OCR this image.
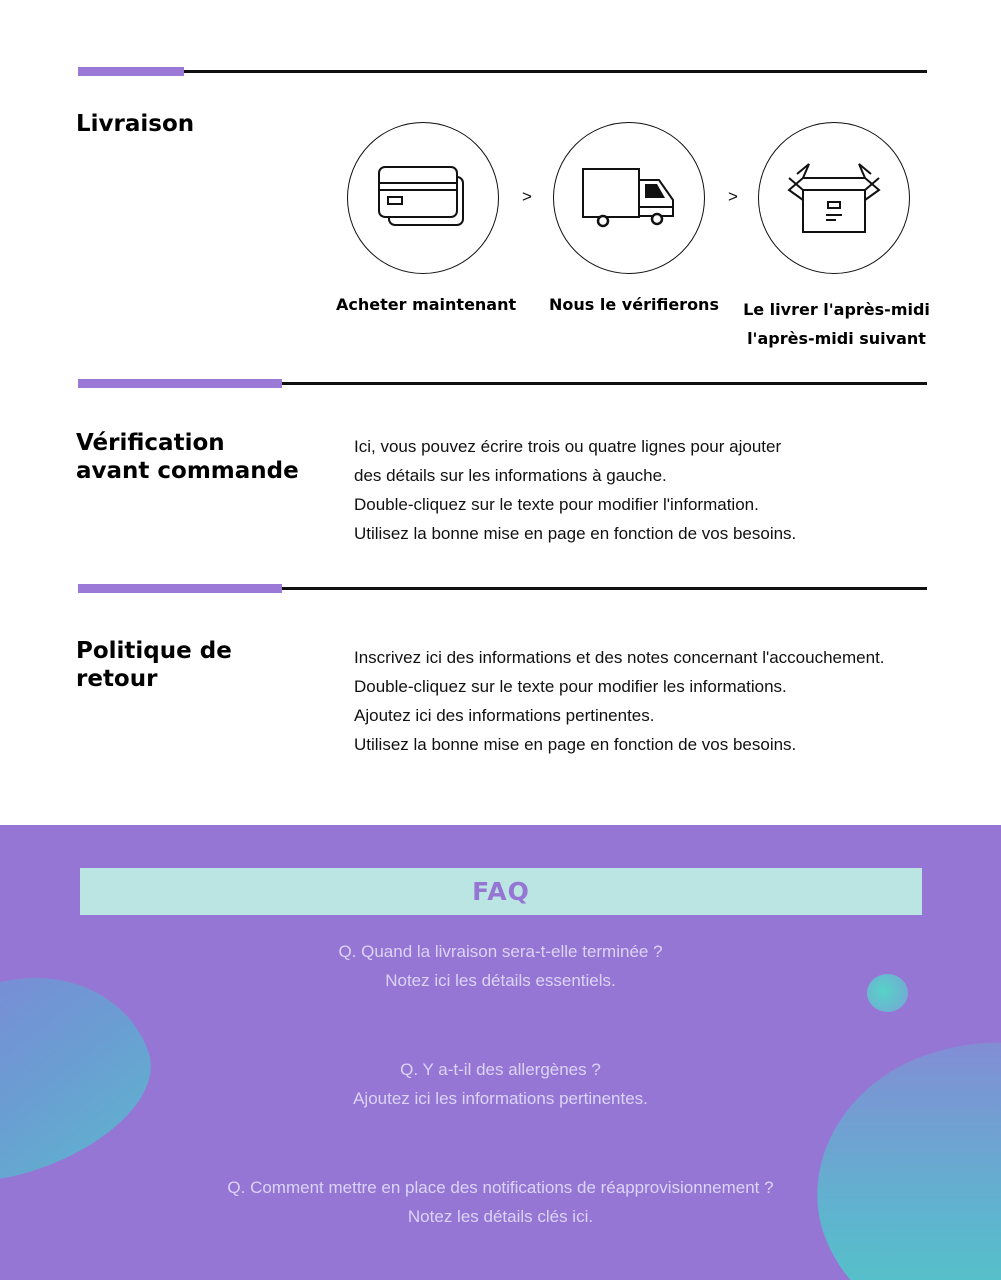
Livraison
>	>
Acheter maintenant	Nous le vérifierons	Le livrer l'après-midi
l'après-midi suivant
Vérification
avant commande
Ici, vous pouvez écrire trois ou quatre lignes pour ajouter
des détails sur les informations à gauche.
Double-cliquez sur le texte pour modifier l'information.
Utilisez la bonne mise en page en fonction de vos besoins.
Politique de
retour
Inscrivez ici des informations et des notes concernant l'accouchement.
Double-cliquez sur le texte pour modifier les informations.
Ajoutez ici des informations pertinentes.
Utilisez la bonne mise en page en fonction de vos besoins.
FAQ
Q. Quand la livraison sera-t-elle terminée ?
Notez ici les détails essentiels.
Q. Y a-t-il des allergènes ?
Ajoutez ici les informations pertinentes.
Q. Comment mettre en place des notifications de réapprovisionnement ?
Notez les détails clés ici.
